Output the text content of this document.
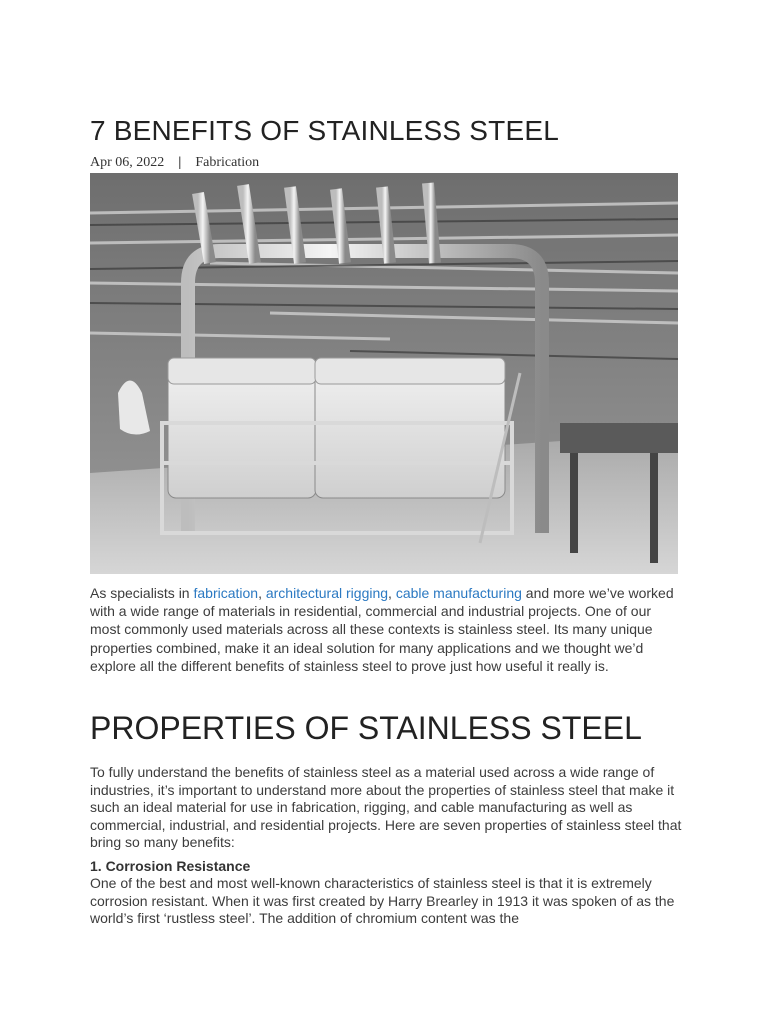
7 BENEFITS OF STAINLESS STEEL
Apr 06, 2022 | Fabrication

As specialists in fabrication, architectural rigging, cable manufacturing and more we’ve worked with a wide range of materials in residential, commercial and industrial projects. One of our most commonly used materials across all these contexts is stainless steel. Its many unique properties combined, make it an ideal solution for many applications and we thought we’d explore all the different benefits of stainless steel to prove just how useful it really is.

PROPERTIES OF STAINLESS STEEL

To fully understand the benefits of stainless steel as a material used across a wide range of industries, it’s important to understand more about the properties of stainless steel that make it such an ideal material for use in fabrication, rigging, and cable manufacturing as well as commercial, industrial, and residential projects. Here are seven properties of stainless steel that bring so many benefits:

1. Corrosion Resistance

One of the best and most well-known characteristics of stainless steel is that it is extremely corrosion resistant. When it was first created by Harry Brearley in 1913 it was spoken of as the world’s first ‘rustless steel’. The addition of chromium content was the
